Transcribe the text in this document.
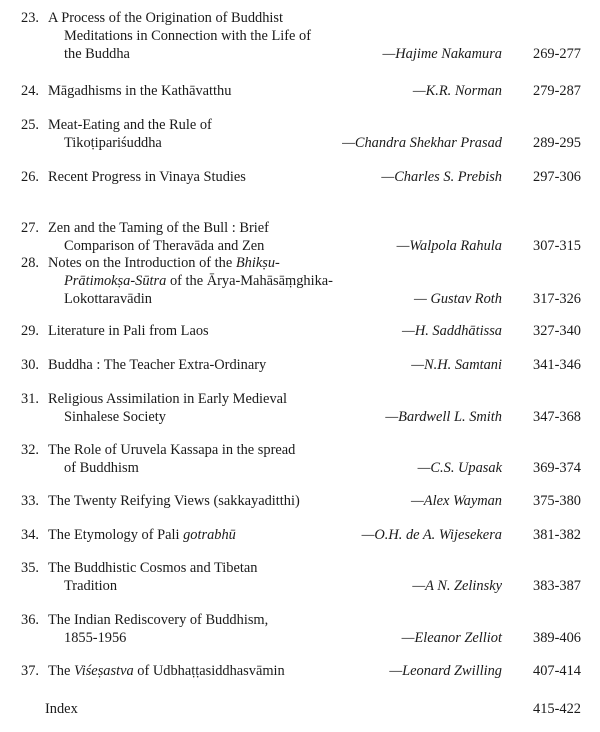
23. A Process of the Origination of Buddhist
Meditations in Connection with the Life of
the Buddha	—Hajime Nakamura 269-277
24. Māgadhisms in the Kathāvatthu	—K.R. Norman 279-287
25. Meat-Eating and the Rule of
Tikoṭipariśuddha	—Chandra Shekhar Prasad 289-295
26. Recent Progress in Vinaya Studies	—Charles S. Prebish 297-306
27. Zen and the Taming of the Bull : Brief
Comparison of Theravāda and Zen	—Walpola Rahula 307-315
28. Notes on the Introduction of the Bhikṣu-
Prātimokṣa-Sūtra of the Ārya-Mahāsāṃghika-
Lokottaravādin	— Gustav Roth 317-326
29. Literature in Pali from Laos	—H. Saddhātissa 327-340
30. Buddha : The Teacher Extra-Ordinary	—N.H. Samtani 341-346
31. Religious Assimilation in Early Medieval
Sinhalese Society	—Bardwell L. Smith 347-368
32. The Role of Uruvela Kassapa in the spread
of Buddhism	—C.S. Upasak 369-374
33. The Twenty Reifying Views (sakkayaditthi)	—Alex Wayman 375-380
34. The Etymology of Pali gotrabhū	—O.H. de A. Wijesekera 381-382
35. The Buddhistic Cosmos and Tibetan
Tradition	—A N. Zelinsky 383-387
36. The Indian Rediscovery of Buddhism,
1855-1956	—Eleanor Zelliot 389-406
37. The Viśeṣastva of Udbhaṭṭasiddhasvāmin	—Leonard Zwilling 407-414
Index	415-422
